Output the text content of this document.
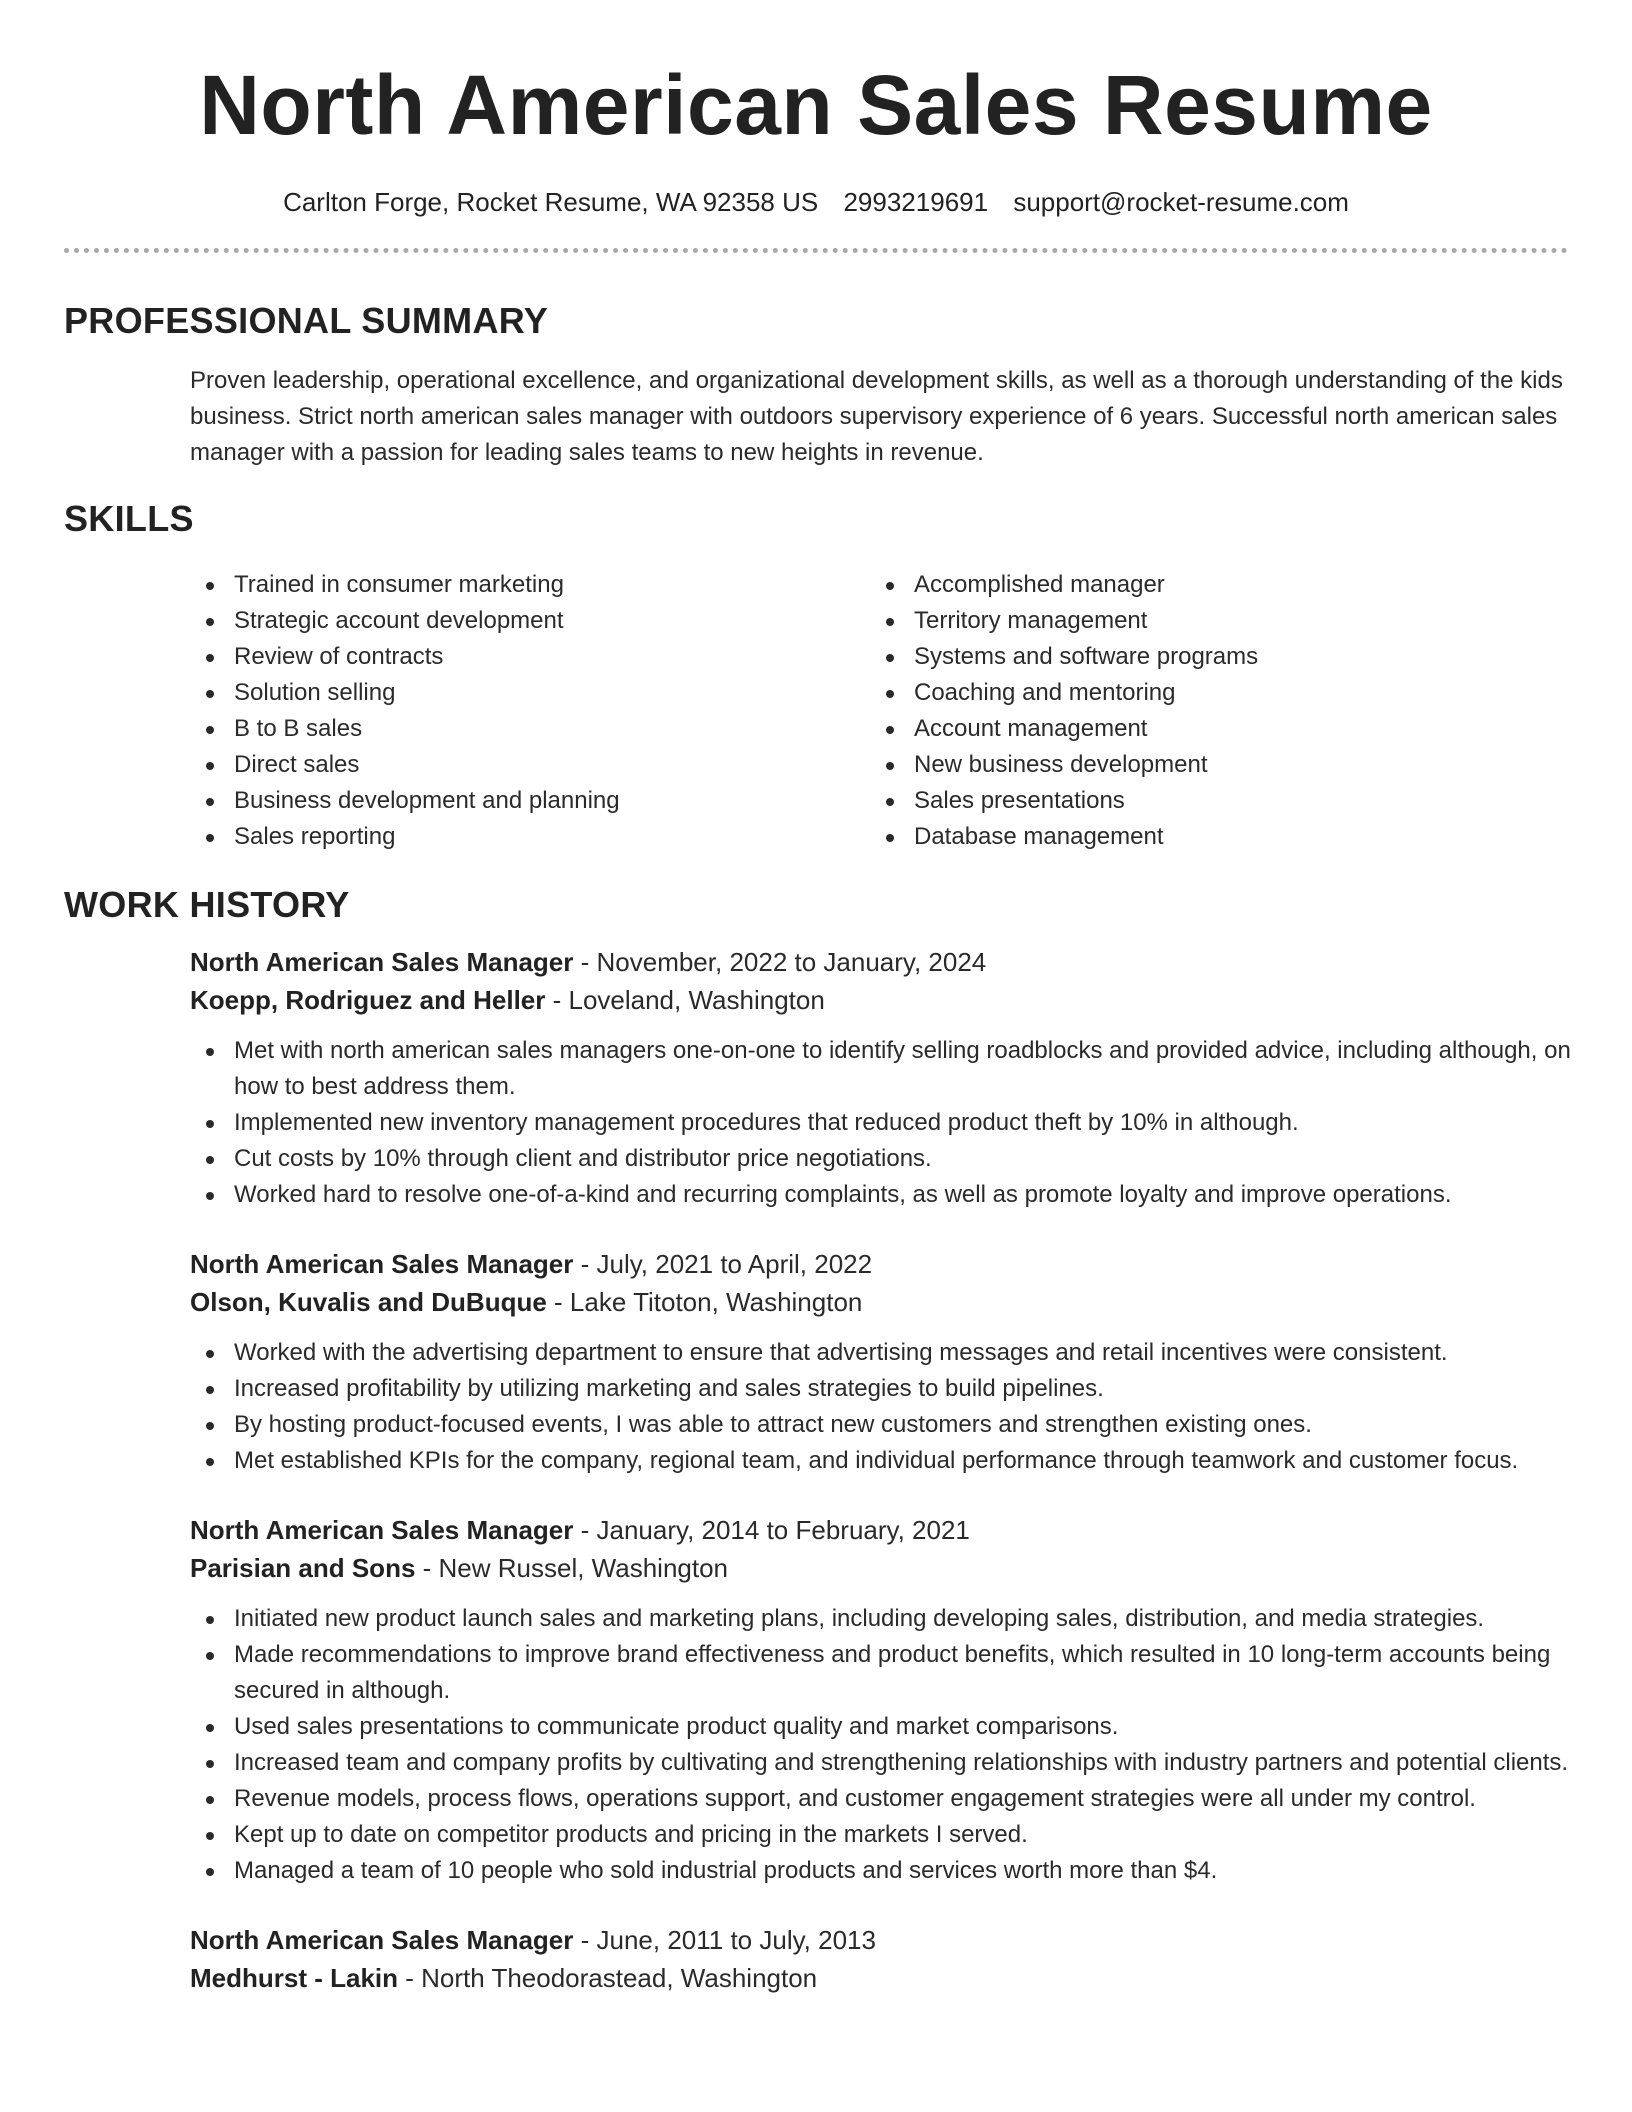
North American Sales Resume
Carlton Forge, Rocket Resume, WA 92358 US 2993219691 support@rocket-resume.com
PROFESSIONAL SUMMARY

Proven leadership, operational excellence, and organizational development skills, as well as a thorough understanding of the kids business. Strict north american sales manager with outdoors supervisory experience of 6 years. Successful north american sales manager with a passion for leading sales teams to new heights in revenue.

SKILLS
Trained in consumer marketing
Strategic account development
Review of contracts
Solution selling
B to B sales
Direct sales
Business development and planning
Sales reporting
Accomplished manager
Territory management
Systems and software programs
Coaching and mentoring
Account management
New business development
Sales presentations
Database management
WORK HISTORY
North American Sales Manager - November, 2022 to January, 2024
Koepp, Rodriguez and Heller - Loveland, Washington
Met with north american sales managers one-on-one to identify selling roadblocks and provided advice, including although, on how to best address them.
Implemented new inventory management procedures that reduced product theft by 10% in although.
Cut costs by 10% through client and distributor price negotiations.
Worked hard to resolve one-of-a-kind and recurring complaints, as well as promote loyalty and improve operations.
North American Sales Manager - July, 2021 to April, 2022
Olson, Kuvalis and DuBuque - Lake Titoton, Washington
Worked with the advertising department to ensure that advertising messages and retail incentives were consistent.
Increased profitability by utilizing marketing and sales strategies to build pipelines.
By hosting product-focused events, I was able to attract new customers and strengthen existing ones.
Met established KPIs for the company, regional team, and individual performance through teamwork and customer focus.
North American Sales Manager - January, 2014 to February, 2021
Parisian and Sons - New Russel, Washington
Initiated new product launch sales and marketing plans, including developing sales, distribution, and media strategies.
Made recommendations to improve brand effectiveness and product benefits, which resulted in 10 long-term accounts being secured in although.
Used sales presentations to communicate product quality and market comparisons.
Increased team and company profits by cultivating and strengthening relationships with industry partners and potential clients.
Revenue models, process flows, operations support, and customer engagement strategies were all under my control.
Kept up to date on competitor products and pricing in the markets I served.
Managed a team of 10 people who sold industrial products and services worth more than $4.
North American Sales Manager - June, 2011 to July, 2013
Medhurst - Lakin - North Theodorastead, Washington
